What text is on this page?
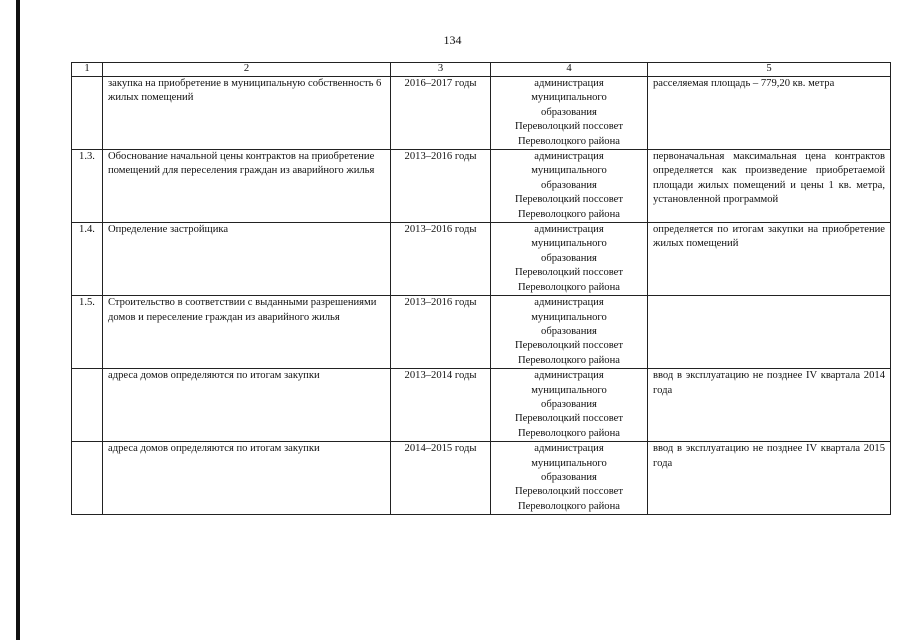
134
1	2	3	4	5
	закупка на приобретение в муниципальную собственность 6 жилых помещений	2016–2017 годы	администрация
муниципального
образования
Переволоцкий поссовет
Переволоцкого района	расселяемая площадь – 779,20 кв. метра
1.3.	Обоснование начальной цены контрактов на приобретение помещений для переселения граждан из аварийного жилья	2013–2016 годы	администрация
муниципального
образования
Переволоцкий поссовет
Переволоцкого района	первоначальная максимальная цена контрактов определяется как произведение приобретаемой площади жилых помещений и цены 1 кв. метра, установленной программой
1.4.	Определение застройщика	2013–2016 годы	администрация
муниципального
образования
Переволоцкий поссовет
Переволоцкого района	определяется по итогам закупки на приобретение жилых помещений
1.5.	Строительство в соответствии с выданными разрешениями домов и переселение граждан из аварийного жилья	2013–2016 годы	администрация
муниципального
образования
Переволоцкий поссовет
Переволоцкого района	

	адреса домов определяются по итогам закупки	2013–2014 годы	администрация
муниципального
образования
Переволоцкий поссовет
Переволоцкого района	ввод в эксплуатацию не позднее IV квартала 2014 года
	адреса домов определяются по итогам закупки	2014–2015 годы	администрация
муниципального
образования
Переволоцкий поссовет
Переволоцкого района	ввод в эксплуатацию не позднее IV квартала 2015 года
